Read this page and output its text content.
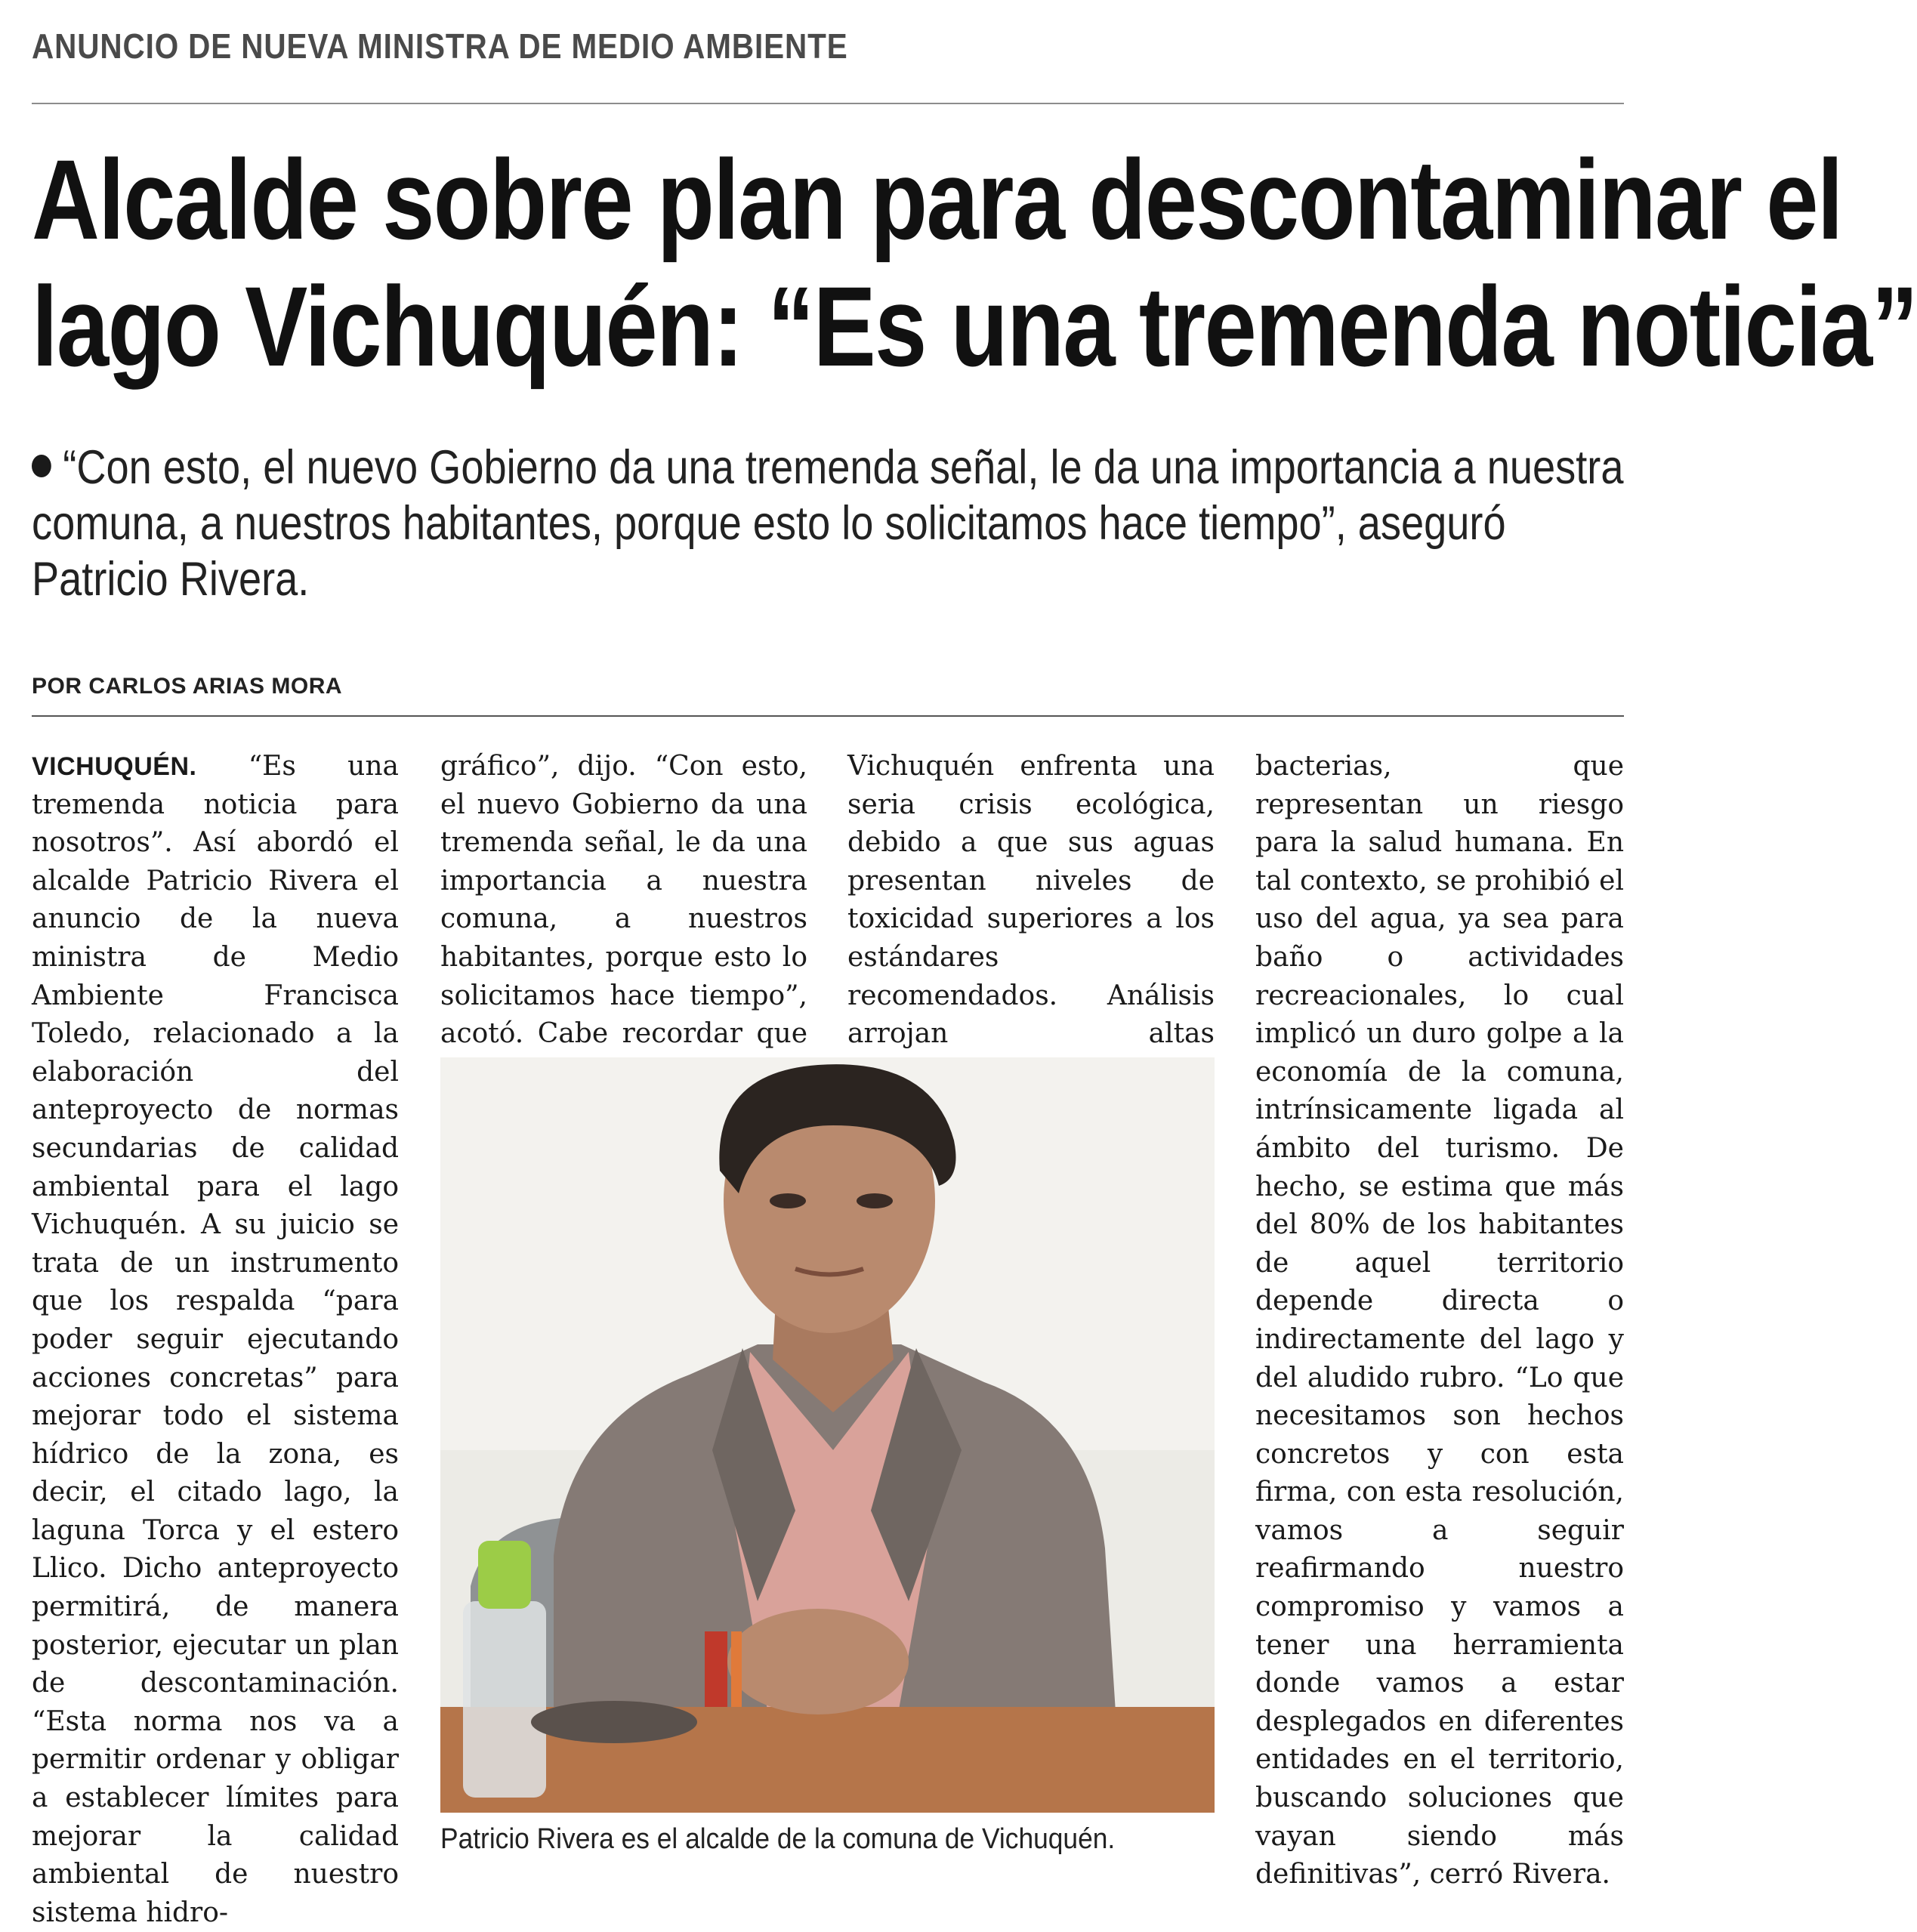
ANUNCIO DE NUEVA MINISTRA DE MEDIO AMBIENTE
Alcalde sobre plan para descontaminar el
lago Vichuquén: “Es una tremenda noticia”
“Con esto, el nuevo Gobierno da una tremenda señal, le da una importancia a nuestra comuna, a nuestros habitantes, porque esto lo solicitamos hace tiempo”, aseguró Patricio Rivera.
POR CARLOS ARIAS MORA

VICHUQUÉN. “Es una tremenda noticia para nosotros”. Así abordó el alcalde Patricio Rivera el anuncio de la nueva ministra de Medio Ambiente Francisca Toledo, relacionado a la elaboración del anteproyecto de normas secundarias de calidad ambiental para el lago Vichuquén. A su juicio se trata de un instrumento que los respalda “para poder seguir ejecutando acciones concretas” para mejorar todo el sistema hídrico de la zona, es decir, el citado lago, la laguna Torca y el estero Llico. Dicho anteproyecto permitirá, de manera posterior, ejecutar un plan de descontaminación. “Esta norma nos va a permitir ordenar y obligar a establecer límites para mejorar la calidad ambiental de nuestro sistema hidro-

gráfico”, dijo. “Con esto, el nuevo Gobierno da una tremenda señal, le da una importancia a nuestra comuna, a nuestros habitantes, porque esto lo solicitamos hace tiempo”, acotó. Cabe recordar que

Vichuquén enfrenta una seria crisis ecológica, debido a que sus aguas presentan niveles de toxicidad superiores a los estándares recomendados. Análisis arrojan altas

bacterias, que representan un riesgo para la salud humana. En tal contexto, se prohibió el uso del agua, ya sea para baño o actividades recreacionales, lo cual implicó un duro golpe a la economía de la comuna, intrínsicamente ligada al ámbito del turismo. De hecho, se estima que más del 80% de los habitantes de aquel territorio depende directa o indirectamente del lago y del aludido rubro. “Lo que necesitamos son hechos concretos y con esta firma, con esta resolución, vamos a seguir reafirmando nuestro compromiso y vamos a tener una herramienta donde vamos a estar desplegados en diferentes entidades en el territorio, buscando soluciones que vayan siendo más definitivas”, cerró Rivera.

Patricio Rivera es el alcalde de la comuna de Vichuquén.
